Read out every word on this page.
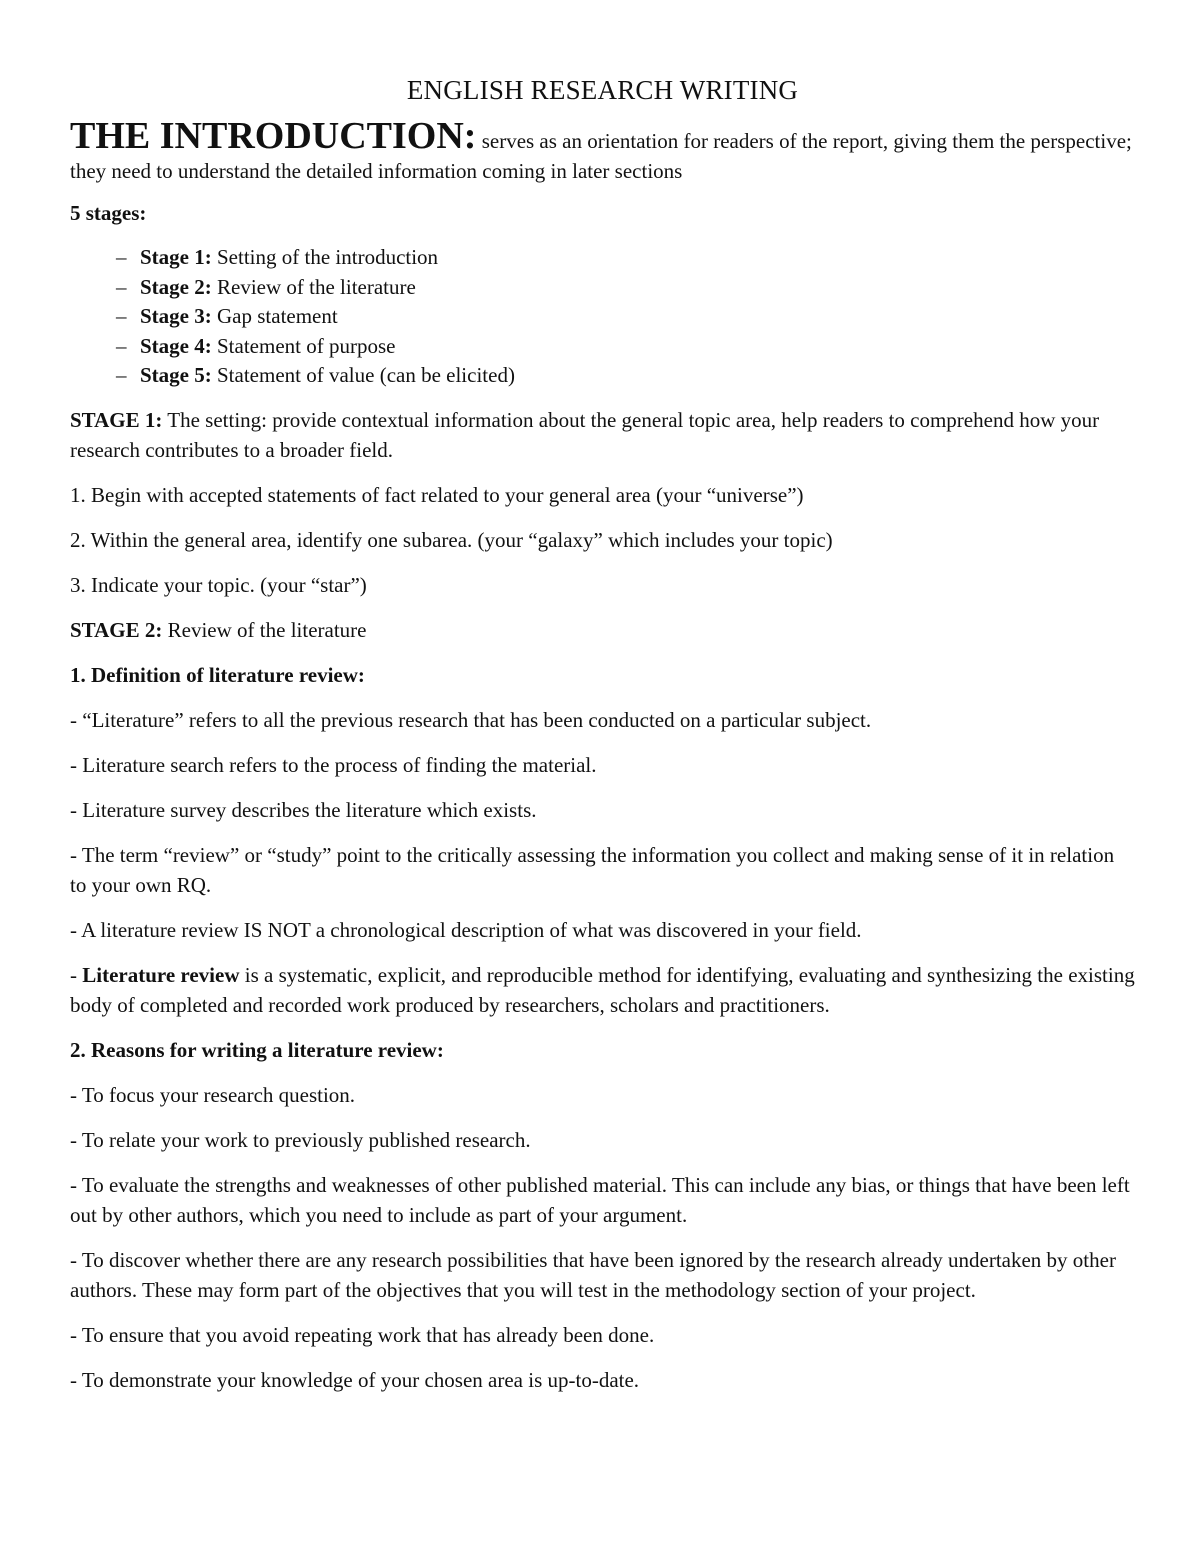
ENGLISH RESEARCH WRITING

THE INTRODUCTION: serves as an orientation for readers of the report, giving them the perspective; they need to understand the detailed information coming in later sections

5 stages:

– Stage 1: Setting of the introduction
– Stage 2: Review of the literature
– Stage 3: Gap statement
– Stage 4: Statement of purpose
– Stage 5: Statement of value (can be elicited)

STAGE 1: The setting: provide contextual information about the general topic area, help readers to comprehend how your research contributes to a broader field.

1. Begin with accepted statements of fact related to your general area (your “universe”)

2. Within the general area, identify one subarea. (your “galaxy” which includes your topic)

3. Indicate your topic. (your “star”)

STAGE 2: Review of the literature

1. Definition of literature review:

- “Literature” refers to all the previous research that has been conducted on a particular subject.

- Literature search refers to the process of finding the material.

- Literature survey describes the literature which exists.

- The term “review” or “study” point to the critically assessing the information you collect and making sense of it in relation to your own RQ.

- A literature review IS NOT a chronological description of what was discovered in your field.

- Literature review is a systematic, explicit, and reproducible method for identifying, evaluating and synthesizing the existing body of completed and recorded work produced by researchers, scholars and practitioners.

2. Reasons for writing a literature review:

- To focus your research question.

- To relate your work to previously published research.

- To evaluate the strengths and weaknesses of other published material. This can include any bias, or things that have been left out by other authors, which you need to include as part of your argument.

- To discover whether there are any research possibilities that have been ignored by the research already undertaken by other authors. These may form part of the objectives that you will test in the methodology section of your project.

- To ensure that you avoid repeating work that has already been done.

- To demonstrate your knowledge of your chosen area is up-to-date.
